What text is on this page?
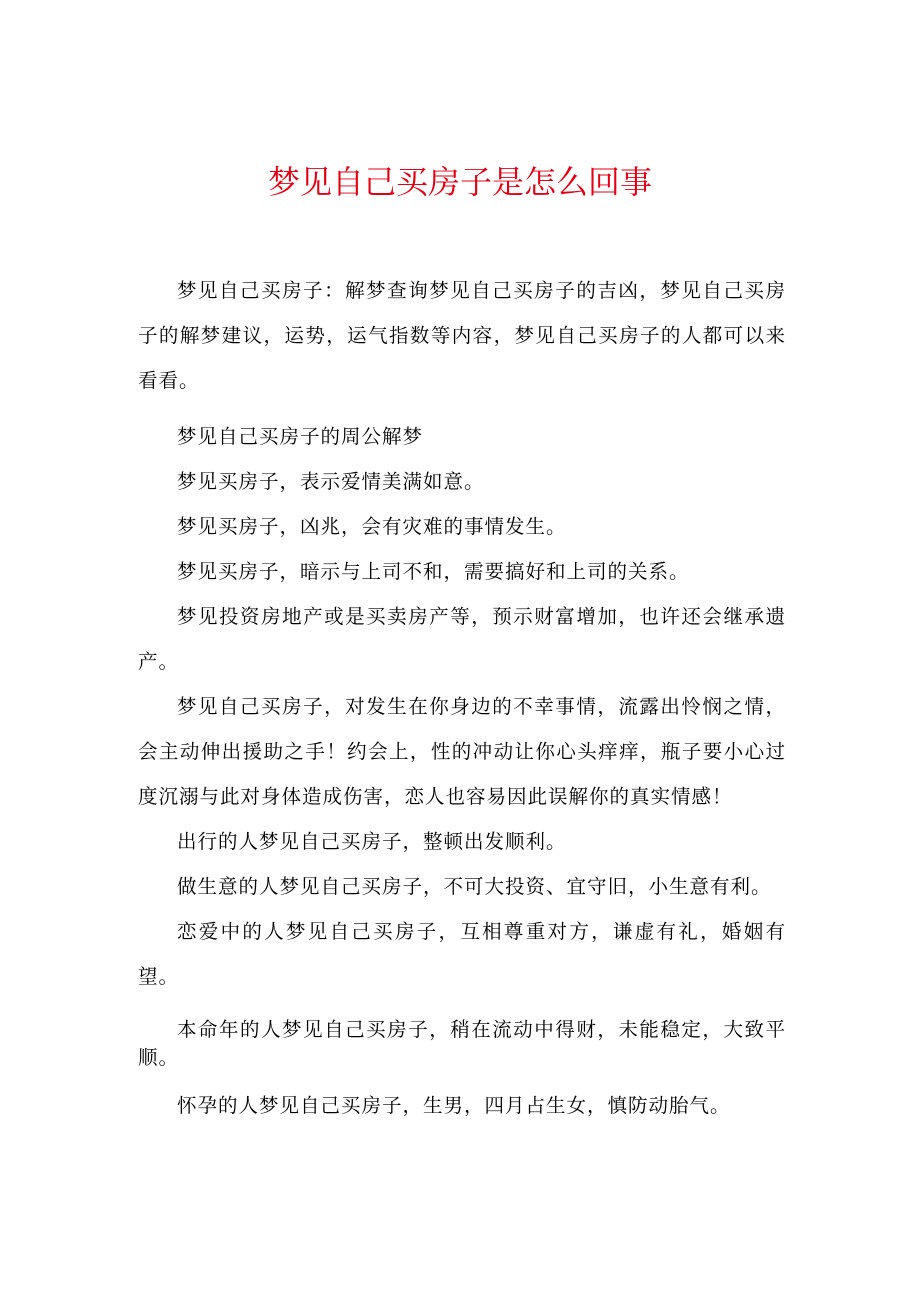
梦见自己买房子是怎么回事

梦见自己买房子：解梦查询梦见自己买房子的吉凶，梦见自己买房子的解梦建议，运势，运气指数等内容，梦见自己买房子的人都可以来看看。

梦见自己买房子的周公解梦

梦见买房子，表示爱情美满如意。

梦见买房子，凶兆，会有灾难的事情发生。

梦见买房子，暗示与上司不和，需要搞好和上司的关系。

梦见投资房地产或是买卖房产等，预示财富增加，也许还会继承遗产。

梦见自己买房子，对发生在你身边的不幸事情，流露出怜悯之情，会主动伸出援助之手！约会上，性的冲动让你心头痒痒，瓶子要小心过度沉溺与此对身体造成伤害，恋人也容易因此误解你的真实情感！

出行的人梦见自己买房子，整顿出发顺利。

做生意的人梦见自己买房子，不可大投资、宜守旧，小生意有利。

恋爱中的人梦见自己买房子，互相尊重对方，谦虚有礼，婚姻有望。

本命年的人梦见自己买房子，稍在流动中得财，未能稳定，大致平顺。

怀孕的人梦见自己买房子，生男，四月占生女，慎防动胎气。
